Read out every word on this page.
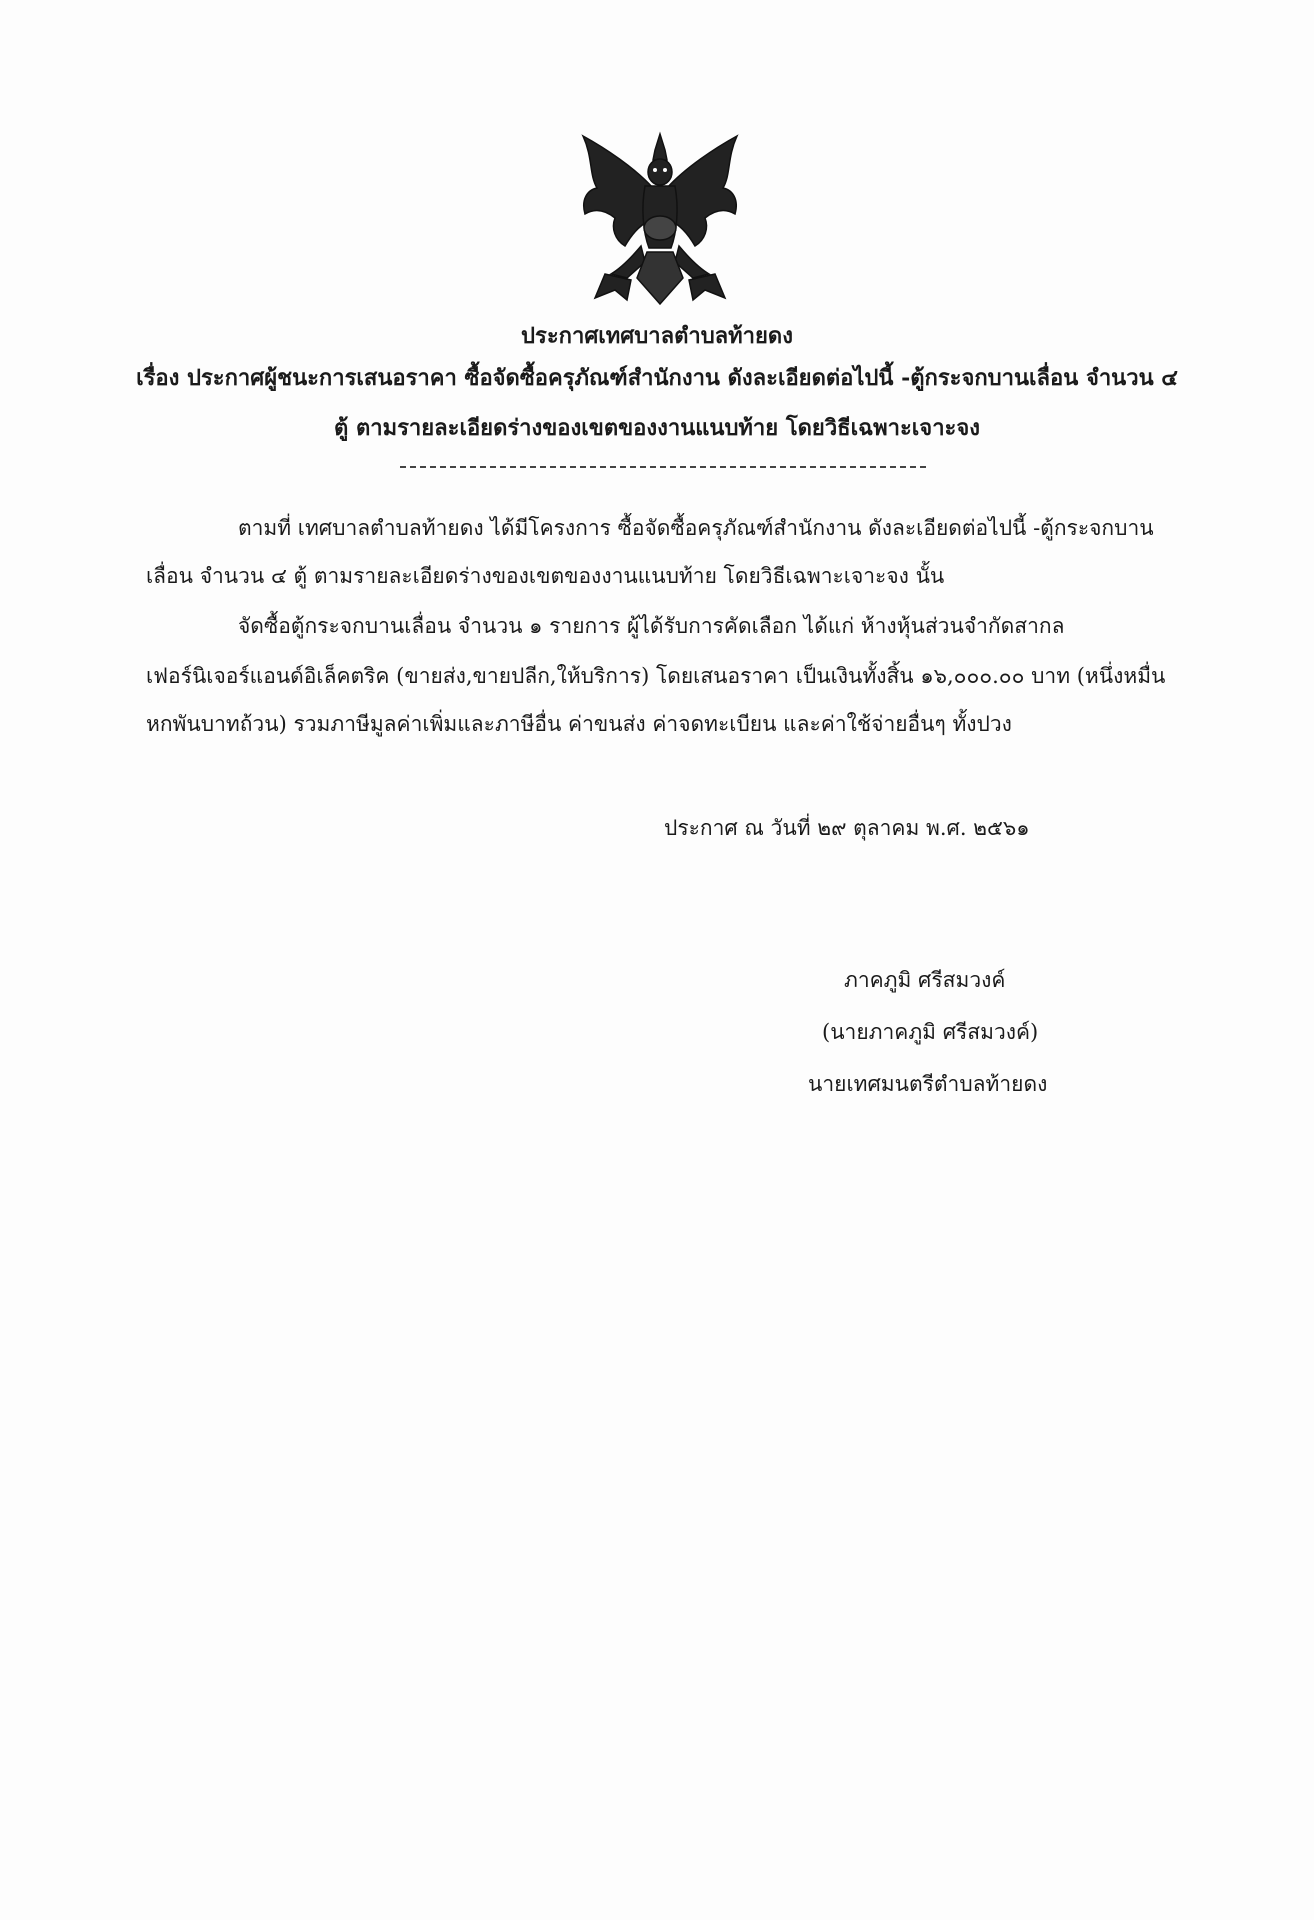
ประกาศเทศบาลตำบลท้ายดง
เรื่อง ประกาศผู้ชนะการเสนอราคา ซื้อจัดซื้อครุภัณฑ์สำนักงาน ดังละเอียดต่อไปนี้ -ตู้กระจกบานเลื่อน จำนวน ๔
ตู้ ตามรายละเอียดร่างของเขตของงานแนบท้าย โดยวิธีเฉพาะเจาะจง
ตามที่ เทศบาลตำบลท้ายดง ได้มีโครงการ ซื้อจัดซื้อครุภัณฑ์สำนักงาน ดังละเอียดต่อไปนี้ -ตู้กระจกบาน
เลื่อน จำนวน ๔ ตู้ ตามรายละเอียดร่างของเขตของงานแนบท้าย โดยวิธีเฉพาะเจาะจง นั้น
จัดซื้อตู้กระจกบานเลื่อน จำนวน ๑ รายการ ผู้ได้รับการคัดเลือก ได้แก่ ห้างหุ้นส่วนจำกัดสากล
เฟอร์นิเจอร์แอนด์อิเล็คตริค (ขายส่ง,ขายปลีก,ให้บริการ) โดยเสนอราคา เป็นเงินทั้งสิ้น ๑๖,๐๐๐.๐๐ บาท (หนึ่งหมื่น
หกพันบาทถ้วน) รวมภาษีมูลค่าเพิ่มและภาษีอื่น ค่าขนส่ง ค่าจดทะเบียน และค่าใช้จ่ายอื่นๆ ทั้งปวง
ประกาศ ณ วันที่ ๒๙ ตุลาคม พ.ศ. ๒๕๖๑
ภาคภูมิ ศรีสมวงค์
(นายภาคภูมิ ศรีสมวงค์)
นายเทศมนตรีตำบลท้ายดง
